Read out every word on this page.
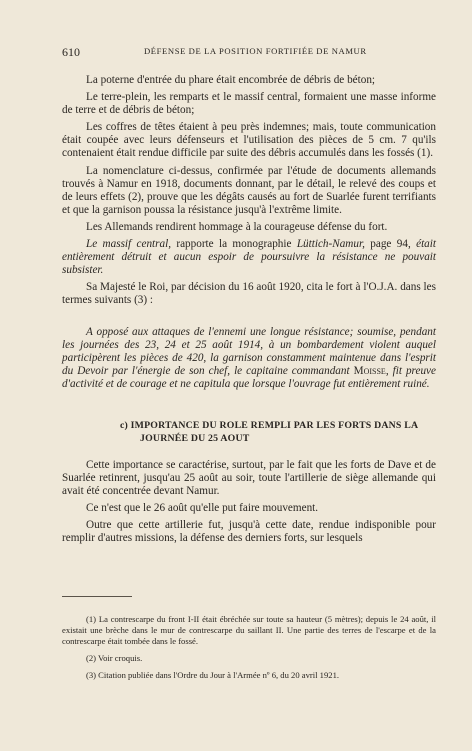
610	DÉFENSE DE LA POSITION FORTIFIÉE DE NAMUR

La poterne d'entrée du phare était encombrée de débris de béton;

Le terre-plein, les remparts et le massif central, formaient une masse informe de terre et de débris de béton;

Les coffres de têtes étaient à peu près indemnes; mais, toute communication était coupée avec leurs défenseurs et l'utilisation des pièces de 5 cm. 7 qu'ils contenaient était rendue difficile par suite des débris accumulés dans les fossés (1).

La nomenclature ci-dessus, confirmée par l'étude de documents allemands trouvés à Namur en 1918, documents donnant, par le détail, le relevé des coups et de leurs effets (2), prouve que les dégâts causés au fort de Suarlée furent terrifiants et que la garnison poussa la résistance jusqu'à l'extrême limite.

Les Allemands rendirent hommage à la courageuse défense du fort.

Le massif central, rapporte la monographie Lüttich-Namur, page 94, était entièrement détruit et aucun espoir de poursuivre la résistance ne pouvait subsister.

Sa Majesté le Roi, par décision du 16 août 1920, cita le fort à l'O.J.A. dans les termes suivants (3) :

A opposé aux attaques de l'ennemi une longue résistance; soumise, pendant les journées des 23, 24 et 25 août 1914, à un bombardement violent auquel participèrent les pièces de 420, la garnison constamment maintenue dans l'esprit du Devoir par l'énergie de son chef, le capitaine commandant Moisse, fit preuve d'activité et de courage et ne capitula que lorsque l'ouvrage fut entièrement ruiné.

c) IMPORTANCE DU ROLE REMPLI PAR LES FORTS DANS LA
JOURNÉE DU 25 AOUT

Cette importance se caractérise, surtout, par le fait que les forts de Dave et de Suarlée retinrent, jusqu'au 25 août au soir, toute l'artillerie de siège allemande qui avait été concentrée devant Namur.

Ce n'est que le 26 août qu'elle put faire mouvement.

Outre que cette artillerie fut, jusqu'à cette date, rendue indisponible pour remplir d'autres missions, la défense des derniers forts, sur lesquels

(1) La contrescarpe du front I-II était ébréchée sur toute sa hauteur (5 mètres); depuis le 24 août, il existait une brèche dans le mur de contrescarpe du saillant II. Une partie des terres de l'escarpe et de la contrescarpe était tombée dans le fossé.

(2) Voir croquis.

(3) Citation publiée dans l'Ordre du Jour à l'Armée nº 6, du 20 avril 1921.
